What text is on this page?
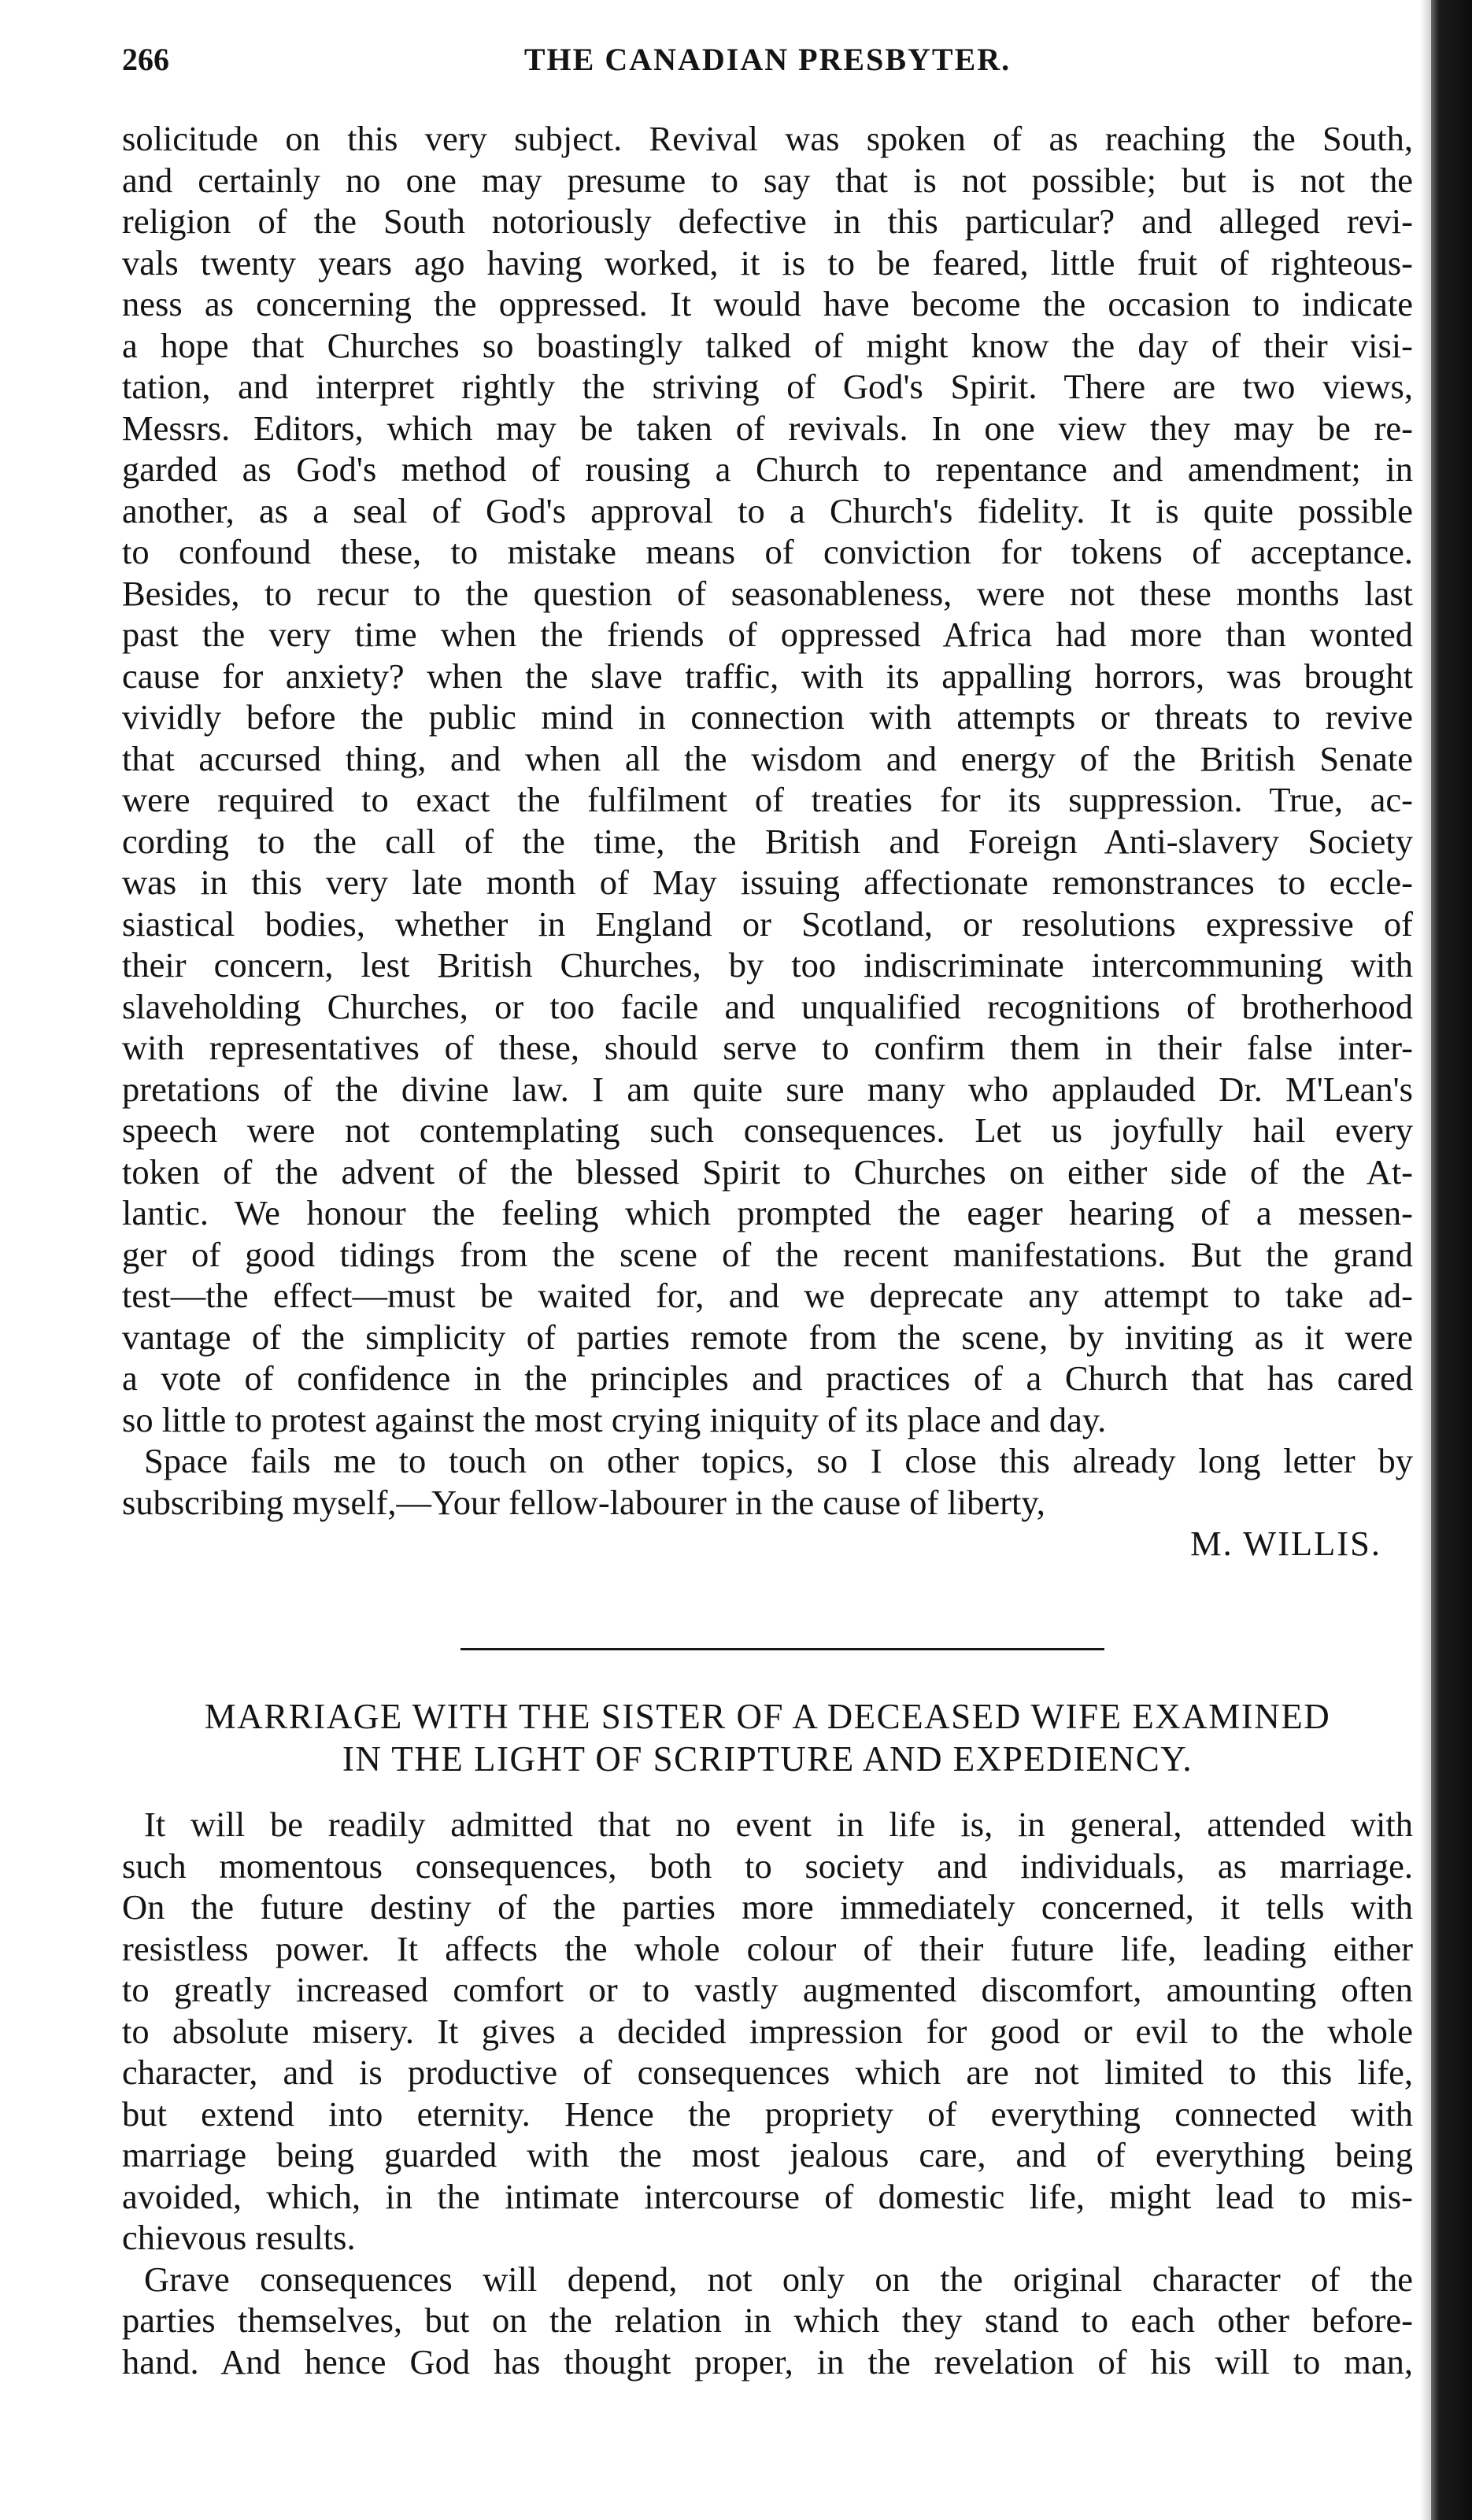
266	THE CANADIAN PRESBYTER.
solicitude on this very subject. Revival was spoken of as reaching the South,
and certainly no one may presume to say that is not possible; but is not the
religion of the South notoriously defective in this particular? and alleged revi-
vals twenty years ago having worked, it is to be feared, little fruit of righteous-
ness as concerning the oppressed. It would have become the occasion to indicate
a hope that Churches so boastingly talked of might know the day of their visi-
tation, and interpret rightly the striving of God's Spirit. There are two views,
Messrs. Editors, which may be taken of revivals. In one view they may be re-
garded as God's method of rousing a Church to repentance and amendment; in
another, as a seal of God's approval to a Church's fidelity. It is quite possible
to confound these, to mistake means of conviction for tokens of acceptance.
Besides, to recur to the question of seasonableness, were not these months last
past the very time when the friends of oppressed Africa had more than wonted
cause for anxiety? when the slave traffic, with its appalling horrors, was brought
vividly before the public mind in connection with attempts or threats to revive
that accursed thing, and when all the wisdom and energy of the British Senate
were required to exact the fulfilment of treaties for its suppression. True, ac-
cording to the call of the time, the British and Foreign Anti-slavery Society
was in this very late month of May issuing affectionate remonstrances to eccle-
siastical bodies, whether in England or Scotland, or resolutions expressive of
their concern, lest British Churches, by too indiscriminate intercommuning with
slaveholding Churches, or too facile and unqualified recognitions of brotherhood
with representatives of these, should serve to confirm them in their false inter-
pretations of the divine law. I am quite sure many who applauded Dr. M'Lean's
speech were not contemplating such consequences. Let us joyfully hail every
token of the advent of the blessed Spirit to Churches on either side of the At-
lantic. We honour the feeling which prompted the eager hearing of a messen-
ger of good tidings from the scene of the recent manifestations. But the grand
test—the effect—must be waited for, and we deprecate any attempt to take ad-
vantage of the simplicity of parties remote from the scene, by inviting as it were
a vote of confidence in the principles and practices of a Church that has cared
so little to protest against the most crying iniquity of its place and day.
Space fails me to touch on other topics, so I close this already long letter by
subscribing myself,—Your fellow-labourer in the cause of liberty,
M. WILLIS.
MARRIAGE WITH THE SISTER OF A DECEASED WIFE EXAMINED
IN THE LIGHT OF SCRIPTURE AND EXPEDIENCY.
It will be readily admitted that no event in life is, in general, attended with
such momentous consequences, both to society and individuals, as marriage.
On the future destiny of the parties more immediately concerned, it tells with
resistless power. It affects the whole colour of their future life, leading either
to greatly increased comfort or to vastly augmented discomfort, amounting often
to absolute misery. It gives a decided impression for good or evil to the whole
character, and is productive of consequences which are not limited to this life,
but extend into eternity. Hence the propriety of everything connected with
marriage being guarded with the most jealous care, and of everything being
avoided, which, in the intimate intercourse of domestic life, might lead to mis-
chievous results.
Grave consequences will depend, not only on the original character of the
parties themselves, but on the relation in which they stand to each other before-
hand. And hence God has thought proper, in the revelation of his will to man,
